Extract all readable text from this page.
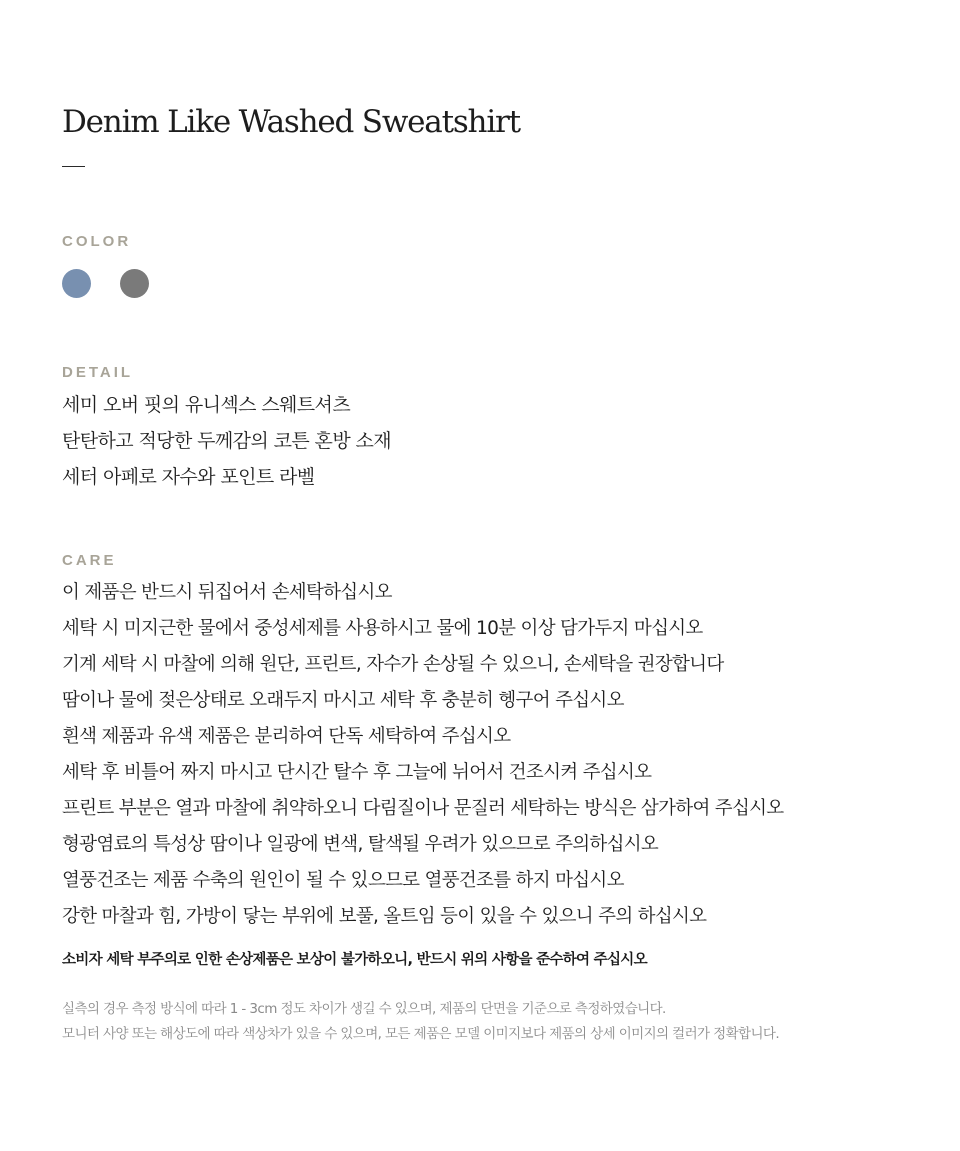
Denim Like Washed Sweatshirt
COLOR
DETAIL
세미 오버 핏의 유니섹스 스웨트셔츠
탄탄하고 적당한 두께감의 코튼 혼방 소재
세터 아페로 자수와 포인트 라벨
CARE
이 제품은 반드시 뒤집어서 손세탁하십시오
세탁 시 미지근한 물에서 중성세제를 사용하시고 물에 10분 이상 담가두지 마십시오
기계 세탁 시 마찰에 의해 원단, 프린트, 자수가 손상될 수 있으니, 손세탁을 권장합니다
땀이나 물에 젖은상태로 오래두지 마시고 세탁 후 충분히 헹구어 주십시오
흰색 제품과 유색 제품은 분리하여 단독 세탁하여 주십시오
세탁 후 비틀어 짜지 마시고 단시간 탈수 후 그늘에 뉘어서 건조시켜 주십시오
프린트 부분은 열과 마찰에 취약하오니 다림질이나 문질러 세탁하는 방식은 삼가하여 주십시오
형광염료의 특성상 땀이나 일광에 변색, 탈색될 우려가 있으므로 주의하십시오
열풍건조는 제품 수축의 원인이 될 수 있으므로 열풍건조를 하지 마십시오
강한 마찰과 힘, 가방이 닿는 부위에 보풀, 올트임 등이 있을 수 있으니 주의 하십시오
소비자 세탁 부주의로 인한 손상제품은 보상이 불가하오니, 반드시 위의 사항을 준수하여 주십시오
실측의 경우 측정 방식에 따라 1 - 3cm 정도 차이가 생길 수 있으며, 제품의 단면을 기준으로 측정하였습니다.
모니터 사양 또는 해상도에 따라 색상차가 있을 수 있으며, 모든 제품은 모델 이미지보다 제품의 상세 이미지의 컬러가 정확합니다.
